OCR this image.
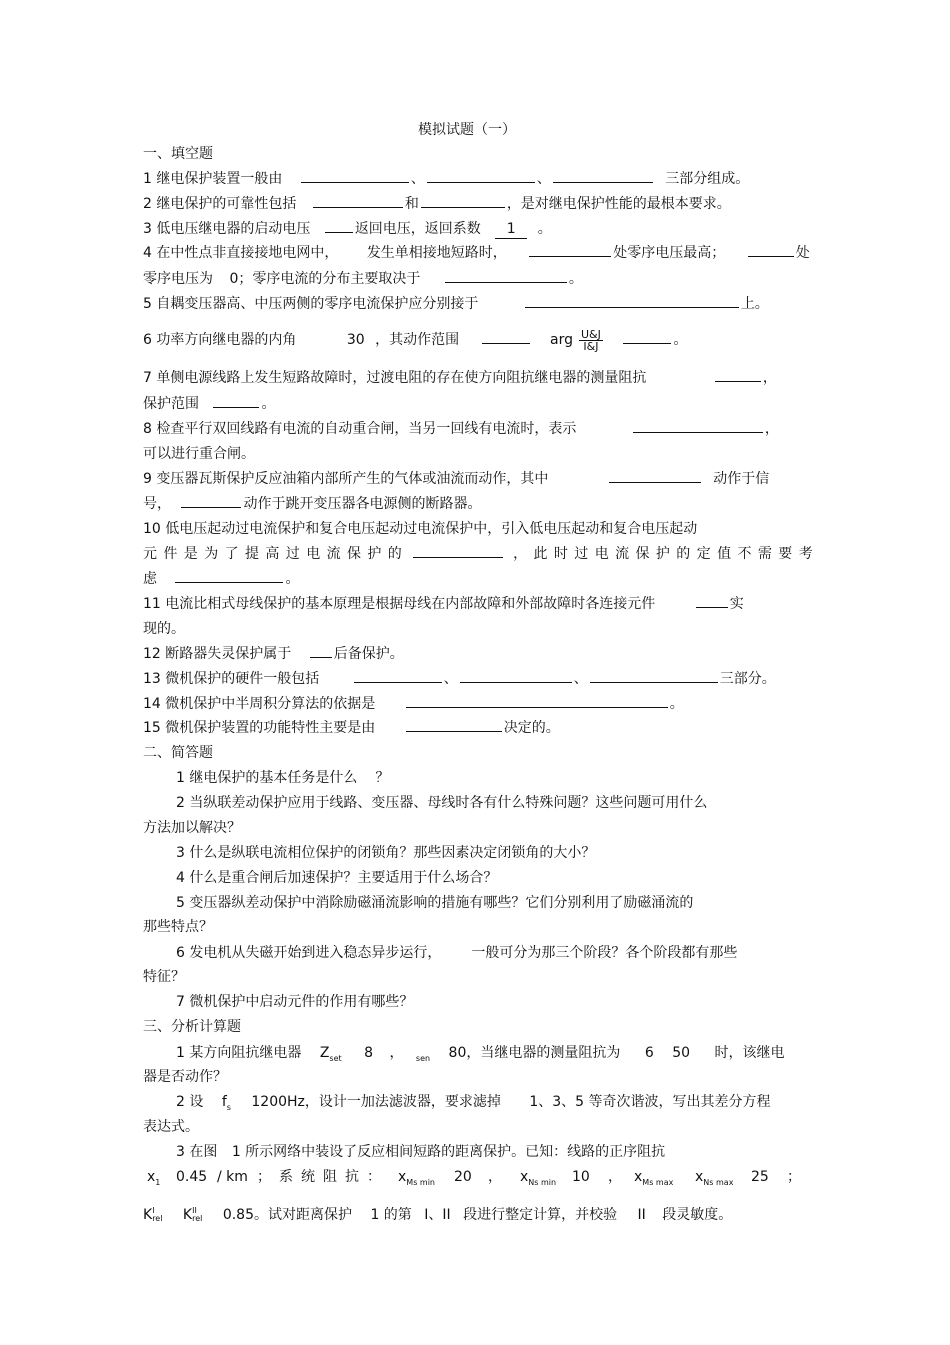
模拟试题（一）
一、填空题
1 继电保护装置一般由	、	、	三部分组成。
2 继电保护的可靠性包括	和	，是对继电保护性能的最根本要求。
3 低电压继电器的启动电压	返回电压，返回系数 1 。
4 在中性点非直接接地电网中， 发生单相接地短路时，	处零序电压最高；	处
零序电压为 0；零序电流的分布主要取决于	。
5 自耦变压器高、中压两侧的零序电流保护应分别接于	上。
6 功率方向继电器的内角	30 ，其动作范围	arg $\frac{U\&J}{I\&J}$	。
7 单侧电源线路上发生短路故障时，过渡电阻的存在使方向阻抗继电器的测量阻抗	，
保护范围	。
8 检查平行双回线路有电流的自动重合闸，当另一回线有电流时，表示	，
可以进行重合闸。
9 变压器瓦斯保护反应油箱内部所产生的气体或油流而动作，其中	动作于信
号，	动作于跳开变压器各电源侧的断路器。
10 低电压起动过电流保护和复合电压起动过电流保护中，引入低电压起动和复合电压起动
元件是为了提高过电流保护的	，此时过电流保护的定值不需要考
虑	。
11 电流比相式母线保护的基本原理是根据母线在内部故障和外部故障时各连接元件	实
现的。
12 断路器失灵保护属于	后备保护。
13 微机保护的硬件一般包括	、	、	三部分。
14 微机保护中半周积分算法的依据是	。
15 微机保护装置的功能特性主要是由	决定的。
二、简答题
1 继电保护的基本任务是什么 ？
2 当纵联差动保护应用于线路、变压器、母线时各有什么特殊问题？这些问题可用什么
方法加以解决？
3 什么是纵联电流相位保护的闭锁角？那些因素决定闭锁角的大小？
4 什么是重合闸后加速保护？主要适用于什么场合？
5 变压器纵差动保护中消除励磁涌流影响的措施有哪些？它们分别利用了励磁涌流的
那些特点？
6 发电机从失磁开始到进入稳态异步运行， 一般可分为那三个阶段？各个阶段都有那些
特征？
7 微机保护中启动元件的作用有哪些？
三、分析计算题
1 某方向阻抗继电器 $Z_{set}$ 8 ， $_{sen}$ 80，当继电器的测量阻抗为 6 50 时，该继电
器是否动作？
2 设 $f_s$ 1200Hz，设计一加法滤波器，要求滤掉 1、3、5 等奇次谐波，写出其差分方程
表达式。
3 在图 1 所示网络中装设了反应相间短路的距离保护。已知：线路的正序阻抗
$x_1$ 0.45 / km ；系统阻抗： $x_{Ms min}$ 20 ， $x_{Ns min}$ 10 ， $x_{Ms max}$ $x_{Ns max}$ 25 ；
K I
rel K II
rel 0.85。试对距离保护 1 的第 I、II 段进行整定计算，并校验 II 段灵敏度。
